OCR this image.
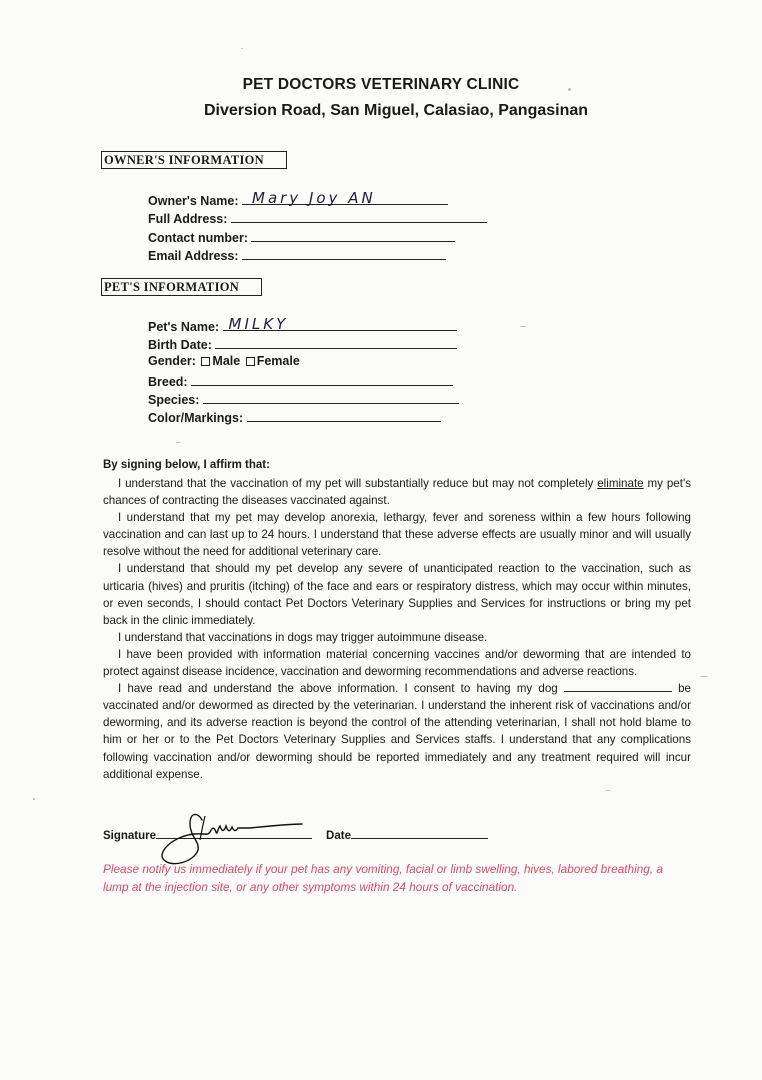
PET DOCTORS VETERINARY CLINIC
Diversion Road, San Miguel, Calasiao, Pangasinan
OWNER'S INFORMATION
Owner's Name: Mary Joy AN
Full Address:
Contact number:
Email Address:
PET'S INFORMATION
Pet's Name: MILKY
Birth Date:
Gender: Male Female
Breed:
Species:
Color/Markings:
By signing below, I affirm that:

I understand that the vaccination of my pet will substantially reduce but may not completely eliminate my pet's chances of contracting the diseases vaccinated against.

I understand that my pet may develop anorexia, lethargy, fever and soreness within a few hours following vaccination and can last up to 24 hours. I understand that these adverse effects are usually minor and will usually resolve without the need for additional veterinary care.

I understand that should my pet develop any severe of unanticipated reaction to the vaccination, such as urticaria (hives) and pruritis (itching) of the face and ears or respiratory distress, which may occur within minutes, or even seconds, I should contact Pet Doctors Veterinary Supplies and Services for instructions or bring my pet back in the clinic immediately.

I understand that vaccinations in dogs may trigger autoimmune disease.

I have been provided with information material concerning vaccines and/or deworming that are intended to protect against disease incidence, vaccination and deworming recommendations and adverse reactions.

I have read and understand the above information. I consent to having my dog	be vaccinated and/or dewormed as directed by the veterinarian. I understand the inherent risk of vaccinations and/or deworming, and its adverse reaction is beyond the control of the attending veterinarian, I shall not hold blame to him or her or to the Pet Doctors Veterinary Supplies and Services staffs. I understand that any complications following vaccination and/or deworming should be reported immediately and any treatment required will incur additional expense.

Signature	Date
Please notify us immediately if your pet has any vomiting, facial or limb swelling, hives, labored breathing, a lump at the injection site, or any other symptoms within 24 hours of vaccination.
